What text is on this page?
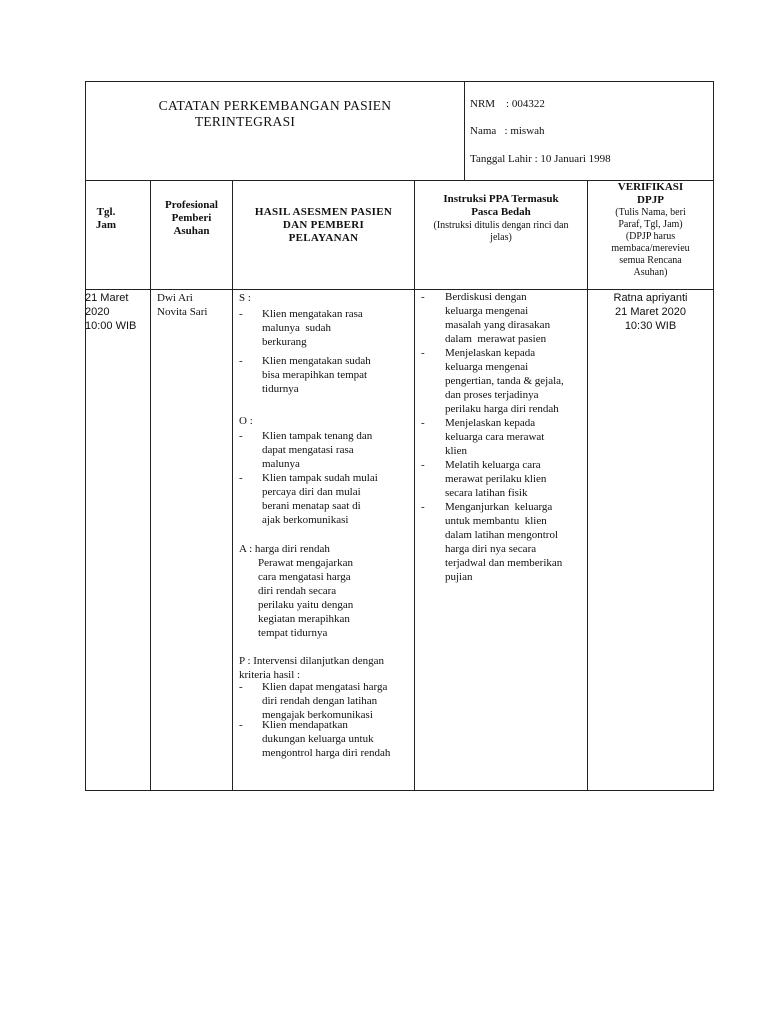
CATATAN PERKEMBANGAN PASIEN
TERINTEGRASI
NRM    : 004322
Nama   : miswah
Tanggal Lahir : 10 Januari 1998
Tgl.
Jam
Profesional
Pemberi
Asuhan
HASIL ASESMEN PASIEN
DAN PEMBERI
PELAYANAN
Instruksi PPA Termasuk
Pasca Bedah
(Instruksi ditulis dengan rinci dan
jelas)
VERIFIKASI
DPJP
(Tulis Nama, beri
Paraf, Tgl, Jam)
(DPJP harus
membaca/merevieu
semua Rencana
Asuhan)
21 Maret
2020
10:00 WIB
Dwi Ari
Novita Sari
S :
- Klien mengatakan rasa
malunya  sudah
berkurang
- Klien mengatakan sudah
bisa merapihkan tempat
tidurnya
O :
- Klien tampak tenang dan
dapat mengatasi rasa
malunya
- Klien tampak sudah mulai
percaya diri dan mulai
berani menatap saat di
ajak berkomunikasi
A : harga diri rendah
Perawat mengajarkan
cara mengatasi harga
diri rendah secara
perilaku yaitu dengan
kegiatan merapihkan
tempat tidurnya
P : Intervensi dilanjutkan dengan
kriteria hasil :
- Klien dapat mengatasi harga
diri rendah dengan latihan
mengajak berkomunikasi
- Klien mendapatkan
dukungan keluarga untuk
mengontrol harga diri rendah
- Berdiskusi dengan
keluarga mengenai
masalah yang dirasakan
dalam  merawat pasien
- Menjelaskan kepada
keluarga mengenai
pengertian, tanda & gejala,
dan proses terjadinya
perilaku harga diri rendah
- Menjelaskan kepada
keluarga cara merawat
klien
- Melatih keluarga cara
merawat perilaku klien
secara latihan fisik
- Menganjurkan  keluarga
untuk membantu  klien
dalam latihan mengontrol
harga diri nya secara
terjadwal dan memberikan
pujian
Ratna apriyanti
21 Maret 2020
10:30 WIB
